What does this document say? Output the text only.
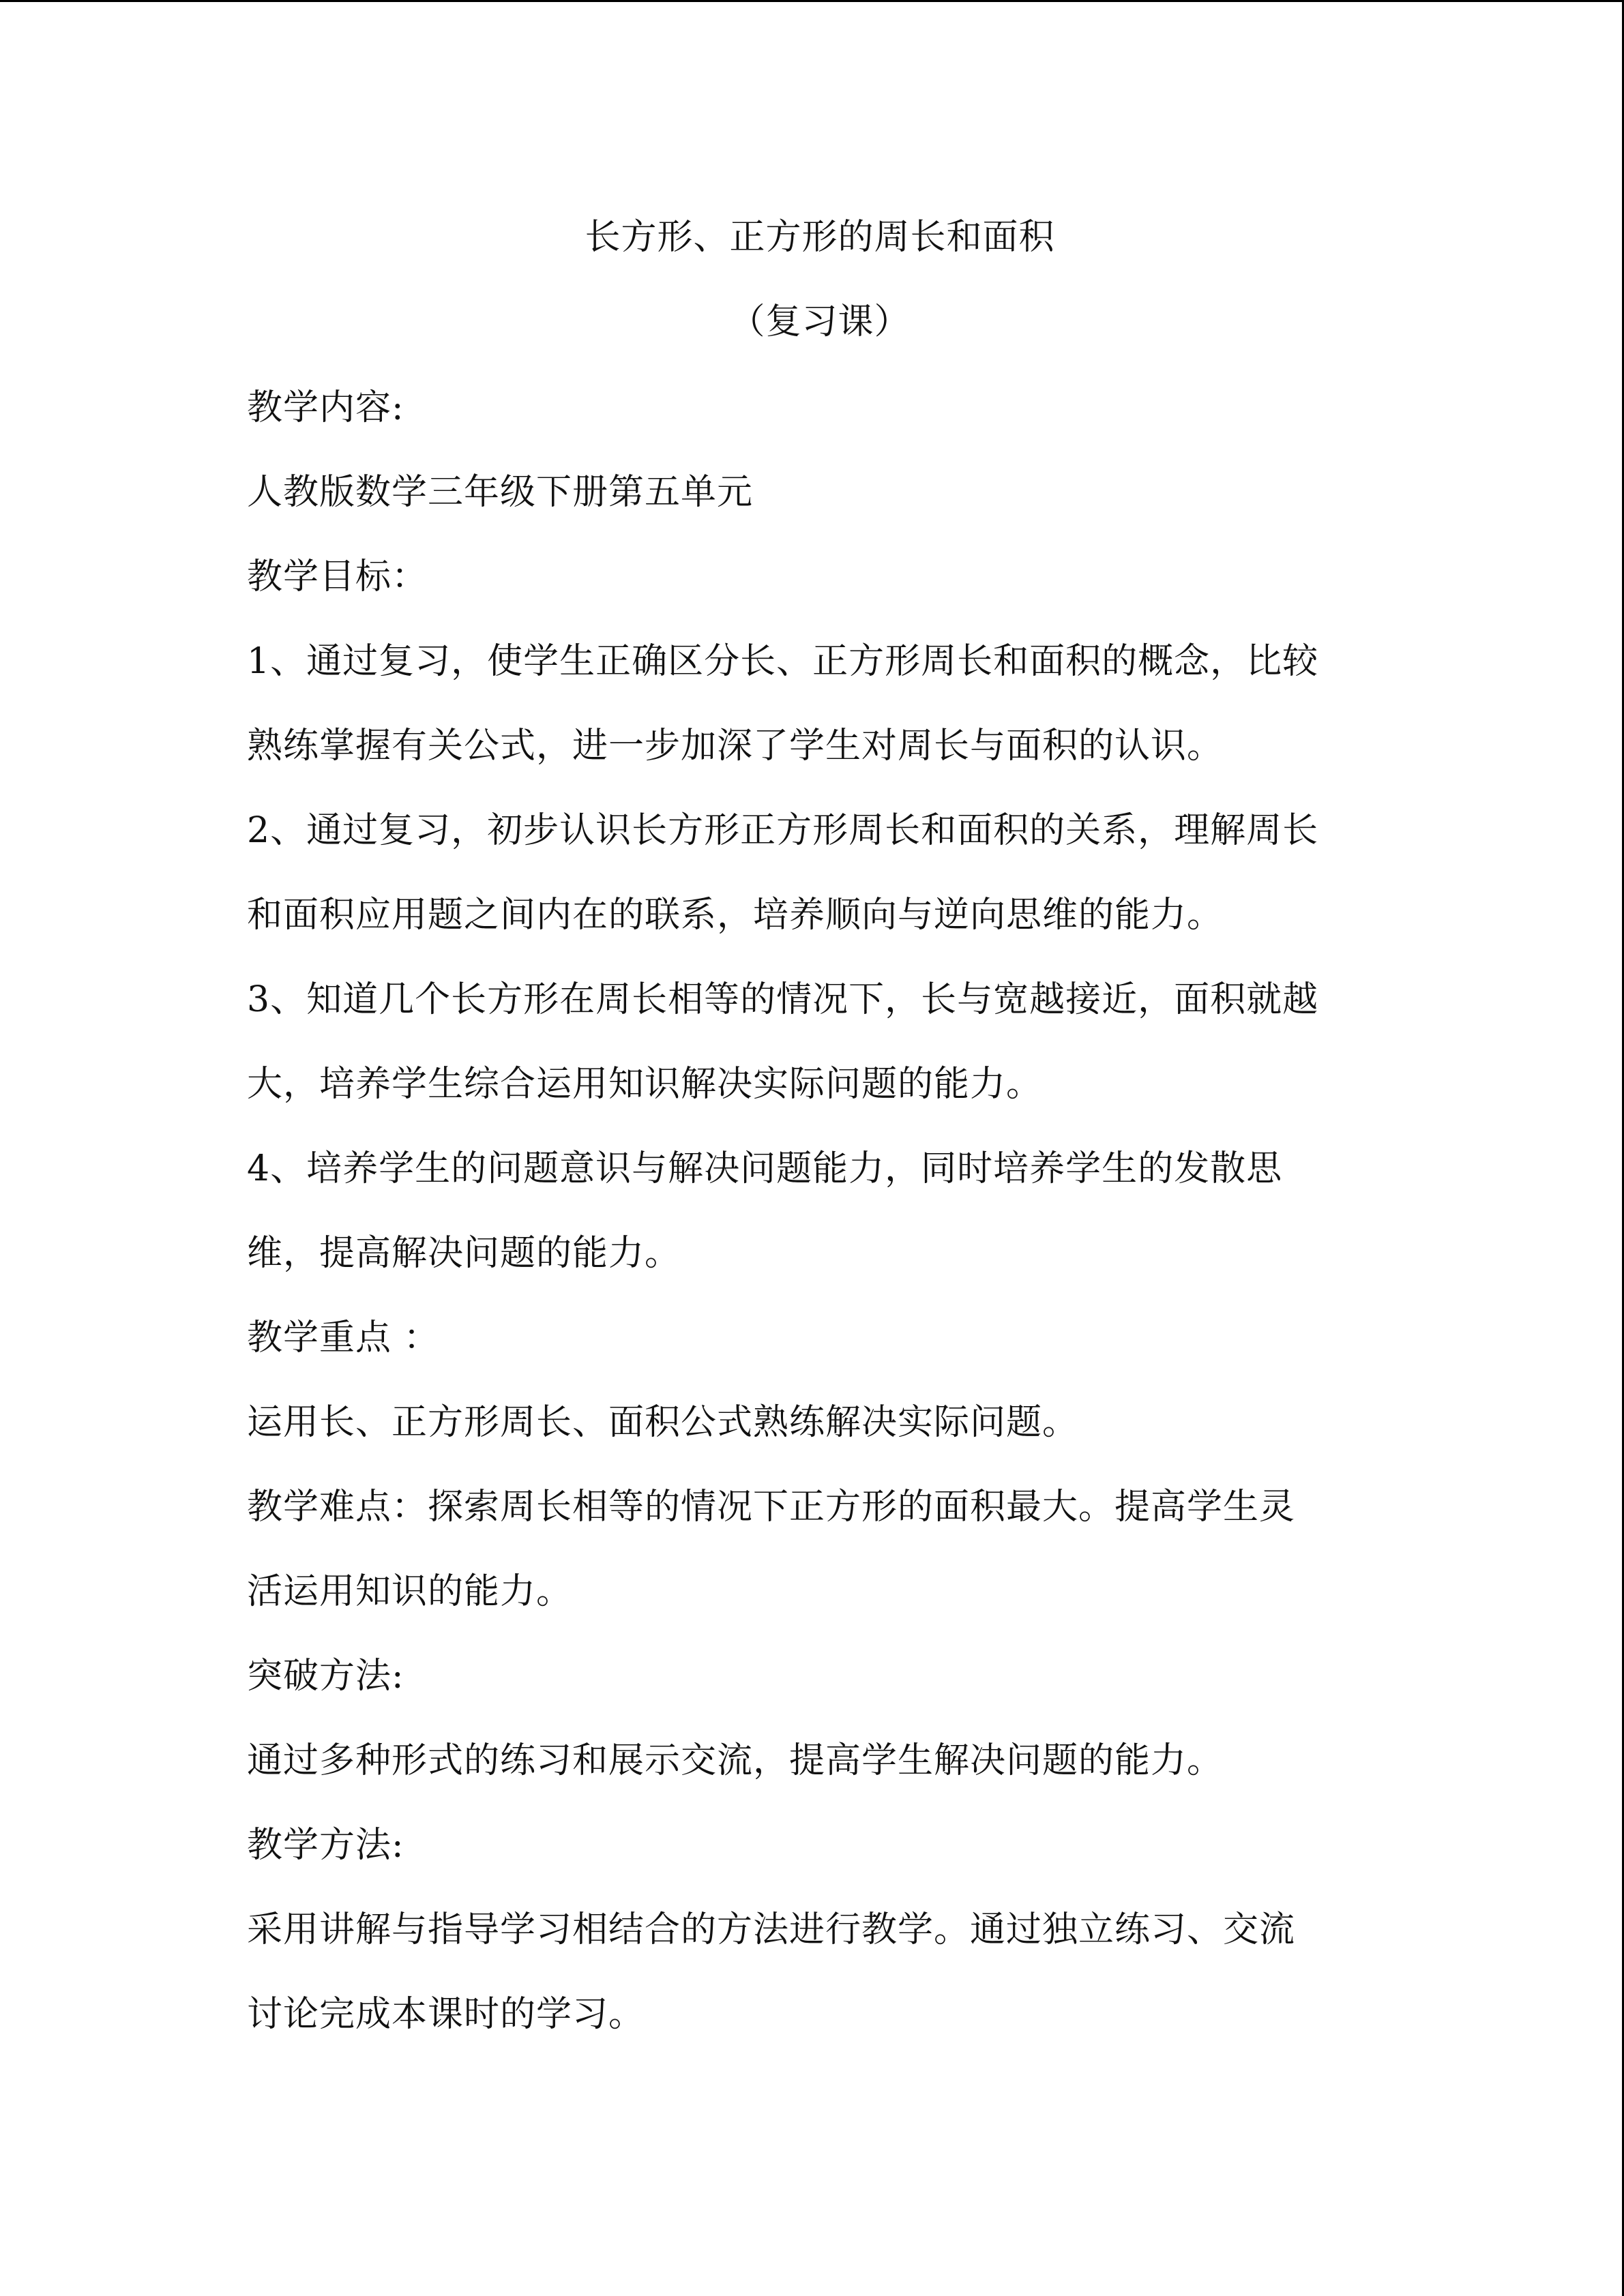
长方形、正方形的周长和面积
（复习课）
教学内容:
人教版数学三年级下册第五单元
教学目标：
1、通过复习，使学生正确区分长、正方形周长和面积的概念，比较
熟练掌握有关公式，进一步加深了学生对周长与面积的认识。
2、通过复习，初步认识长方形正方形周长和面积的关系，理解周长
和面积应用题之间内在的联系，培养顺向与逆向思维的能力。
3、知道几个长方形在周长相等的情况下，长与宽越接近，面积就越
大，培养学生综合运用知识解决实际问题的能力。
4、培养学生的问题意识与解决问题能力，同时培养学生的发散思
维，提高解决问题的能力。
教学重点 ：
运用长、正方形周长、面积公式熟练解决实际问题。
教学难点：探索周长相等的情况下正方形的面积最大。提高学生灵
活运用知识的能力。
突破方法:
通过多种形式的练习和展示交流，提高学生解决问题的能力。
教学方法:
采用讲解与指导学习相结合的方法进行教学。通过独立练习、交流
讨论完成本课时的学习。
